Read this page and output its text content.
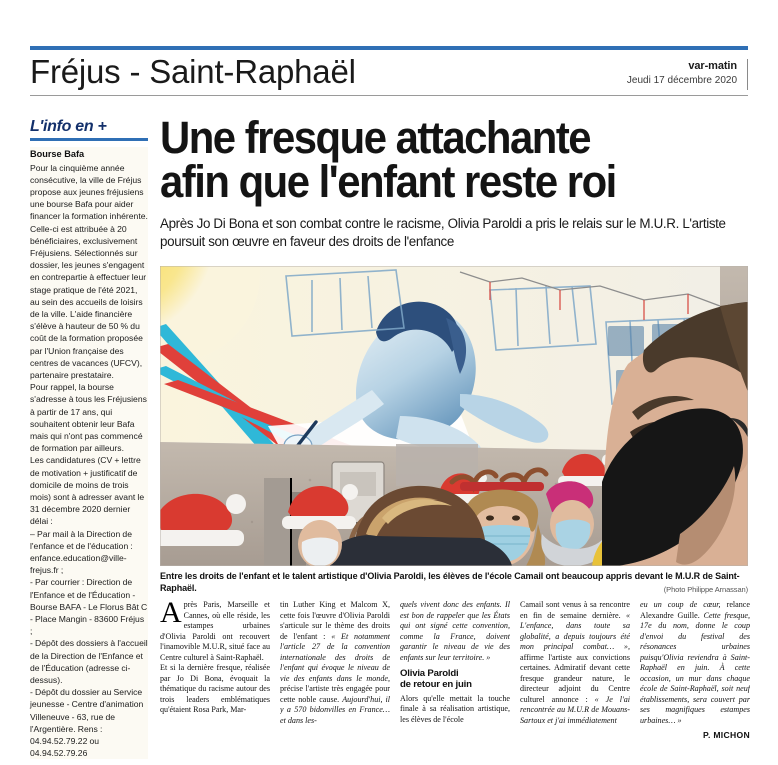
Fréjus - Saint-Raphaël	var-matin
Jeudi 17 décembre 2020
L'info en +
Bourse Bafa

Pour la cinquième année consécutive, la ville de Fréjus propose aux jeunes fréjusiens une bourse Bafa pour aider financer la formation inhérente. Celle-ci est attribuée à 20 bénéficiaires, exclusivement Fréjusiens. Sélectionnés sur dossier, les jeunes s'engagent en contrepartie à effectuer leur stage pratique de l'été 2021, au sein des accueils de loisirs de la ville. L'aide financière s'élève à hauteur de 50 % du coût de la formation proposée par l'Union française des centres de vacances (UFCV), partenaire prestataire.

Pour rappel, la bourse s'adresse à tous les Fréjusiens à partir de 17 ans, qui souhaitent obtenir leur Bafa mais qui n'ont pas commencé de formation par ailleurs.

Les candidatures (CV + lettre de motivation + justificatif de domicile de moins de trois mois) sont à adresser avant le 31 décembre 2020 dernier délai :

– Par mail à la Direction de l'enfance et de l'éducation : enfance.education@ville-frejus.fr ;

- Par courrier : Direction de l'Enfance et de l'Éducation - Bourse BAFA - Le Florus Bât C - Place Mangin - 83600 Fréjus ;

- Dépôt des dossiers à l'accueil de la Direction de l'Enfance et de l'Éducation (adresse ci-dessus).

- Dépôt du dossier au Service jeunesse - Centre d'animation Villeneuve - 63, rue de l'Argentière. Rens : 04.94.52.79.22 ou 04.94.52.79.26

Une fresque attachante
afin que l'enfant reste roi
Après Jo Di Bona et son combat contre le racisme, Olivia Paroldi a pris le relais sur le M.U.R. L'artiste poursuit son œuvre en faveur des droits de l'enfance
Entre les droits de l'enfant et le talent artistique d'Olivia Paroldi, les élèves de l'école Camail ont beaucoup appris devant le M.U.R de Saint-Raphaël.	(Photo Philippe Arnassan)

Après Paris, Marseille et Cannes, où elle réside, les estampes urbaines d'Olivia Paroldi ont recouvert l'inamovible M.U.R, situé face au Centre culturel à Saint-Raphaël.

Et si la dernière fresque, réalisée par Jo Di Bona, évoquait la thématique du racisme autour des trois leaders emblématiques qu'étaient Rosa Park, Mar-

tin Luther King et Malcom X, cette fois l'œuvre d'Olivia Paroldi s'articule sur le thème des droits de l'enfant : « Et notamment l'article 27 de la convention internationale des droits de l'enfant qui évoque le niveau de vie des enfants dans le monde, précise l'artiste très engagée pour cette noble cause. Aujourd'hui, il y a 570 bidonvilles en France… et dans les-

quels vivent donc des enfants. Il est bon de rappeler que les États qui ont signé cette convention, comme la France, doivent garantir le niveau de vie des enfants sur leur territoire. »

Olivia Paroldi
de retour en juin

Alors qu'elle mettait la touche finale à sa réalisation artistique, les élèves de l'école

Camail sont venus à sa rencontre en fin de semaine dernière. « L'enfance, dans toute sa globalité, a depuis toujours été mon principal combat… », affirme l'artiste aux convictions certaines. Admiratif devant cette fresque grandeur nature, le directeur adjoint du Centre culturel annonce : « Je l'ai rencontrée au M.U.R de Mouans-Sartoux et j'ai immédiatement

eu un coup de cœur, relance Alexandre Guille. Cette fresque, 17e du nom, donne le coup d'envoi du festival des résonances urbaines puisqu'Olivia reviendra à Saint-Raphaël en juin. À cette occasion, un mur dans chaque école de Saint-Raphaël, soit neuf établissements, sera couvert par ses magnifiques estampes urbaines… »

P. MICHON
